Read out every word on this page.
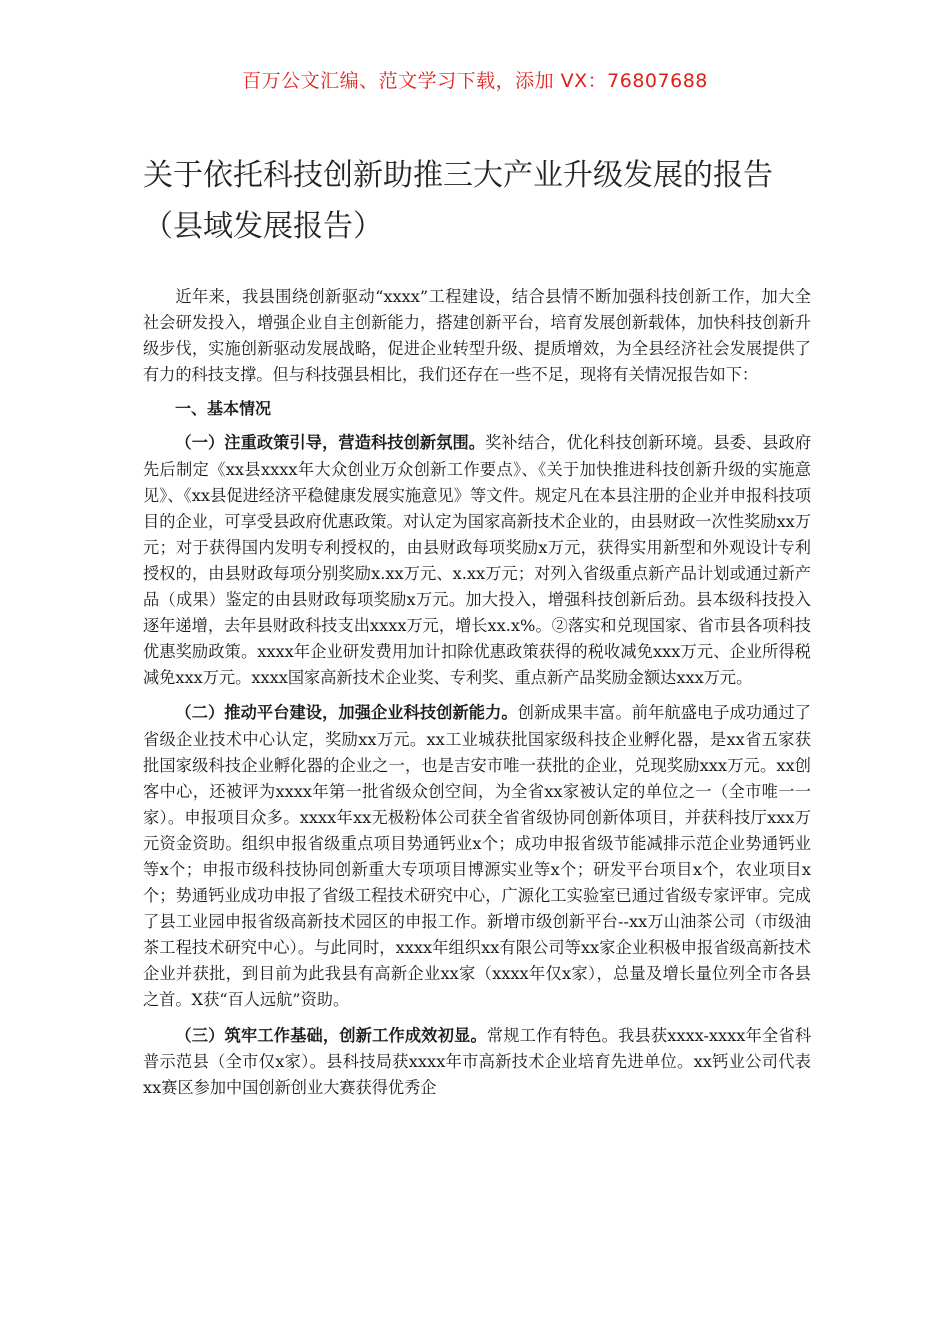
百万公文汇编、范文学习下载，添加 VX：76807688
关于依托科技创新助推三大产业升级发展的报告（县域发展报告）

近年来，我县围绕创新驱动“xxxx”工程建设，结合县情不断加强科技创新工作，加大全社会研发投入，增强企业自主创新能力，搭建创新平台，培育发展创新载体，加快科技创新升级步伐，实施创新驱动发展战略，促进企业转型升级、提质增效，为全县经济社会发展提供了有力的科技支撑。但与科技强县相比，我们还存在一些不足，现将有关情况报告如下：

一、基本情况

（一）注重政策引导，营造科技创新氛围。奖补结合，优化科技创新环境。县委、县政府先后制定《xx县xxxx年大众创业万众创新工作要点》、《关于加快推进科技创新升级的实施意见》、《xx县促进经济平稳健康发展实施意见》等文件。规定凡在本县注册的企业并申报科技项目的企业，可享受县政府优惠政策。对认定为国家高新技术企业的，由县财政一次性奖励xx万元；对于获得国内发明专利授权的，由县财政每项奖励x万元，获得实用新型和外观设计专利授权的，由县财政每项分别奖励x.xx万元、x.xx万元；对列入省级重点新产品计划或通过新产品（成果）鉴定的由县财政每项奖励x万元。加大投入，增强科技创新后劲。县本级科技投入逐年递增，去年县财政科技支出xxxx万元，增长xx.x%。②落实和兑现国家、省市县各项科技优惠奖励政策。xxxx年企业研发费用加计扣除优惠政策获得的税收减免xxx万元、企业所得税减免xxx万元。xxxx国家高新技术企业奖、专利奖、重点新产品奖励金额达xxx万元。

（二）推动平台建设，加强企业科技创新能力。创新成果丰富。前年航盛电子成功通过了省级企业技术中心认定，奖励xx万元。xx工业城获批国家级科技企业孵化器，是xx省五家获批国家级科技企业孵化器的企业之一，也是吉安市唯一获批的企业，兑现奖励xxx万元。xx创客中心，还被评为xxxx年第一批省级众创空间，为全省xx家被认定的单位之一（全市唯一一家）。申报项目众多。xxxx年xx无极粉体公司获全省省级协同创新体项目，并获科技厅xxx万元资金资助。组织申报省级重点项目势通钙业x个；成功申报省级节能减排示范企业势通钙业等x个；申报市级科技协同创新重大专项项目博源实业等x个；研发平台项目x个，农业项目x个；势通钙业成功申报了省级工程技术研究中心，广源化工实验室已通过省级专家评审。完成了县工业园申报省级高新技术园区的申报工作。新增市级创新平台--xx万山油茶公司（市级油茶工程技术研究中心）。与此同时，xxxx年组织xx有限公司等xx家企业积极申报省级高新技术企业并获批，到目前为此我县有高新企业xx家（xxxx年仅x家），总量及增长量位列全市各县之首。X获“百人远航”资助。

（三）筑牢工作基础，创新工作成效初显。常规工作有特色。我县获xxxx-xxxx年全省科普示范县（全市仅x家）。县科技局获xxxx年市高新技术企业培育先进单位。xx钙业公司代表xx赛区参加中国创新创业大赛获得优秀企
